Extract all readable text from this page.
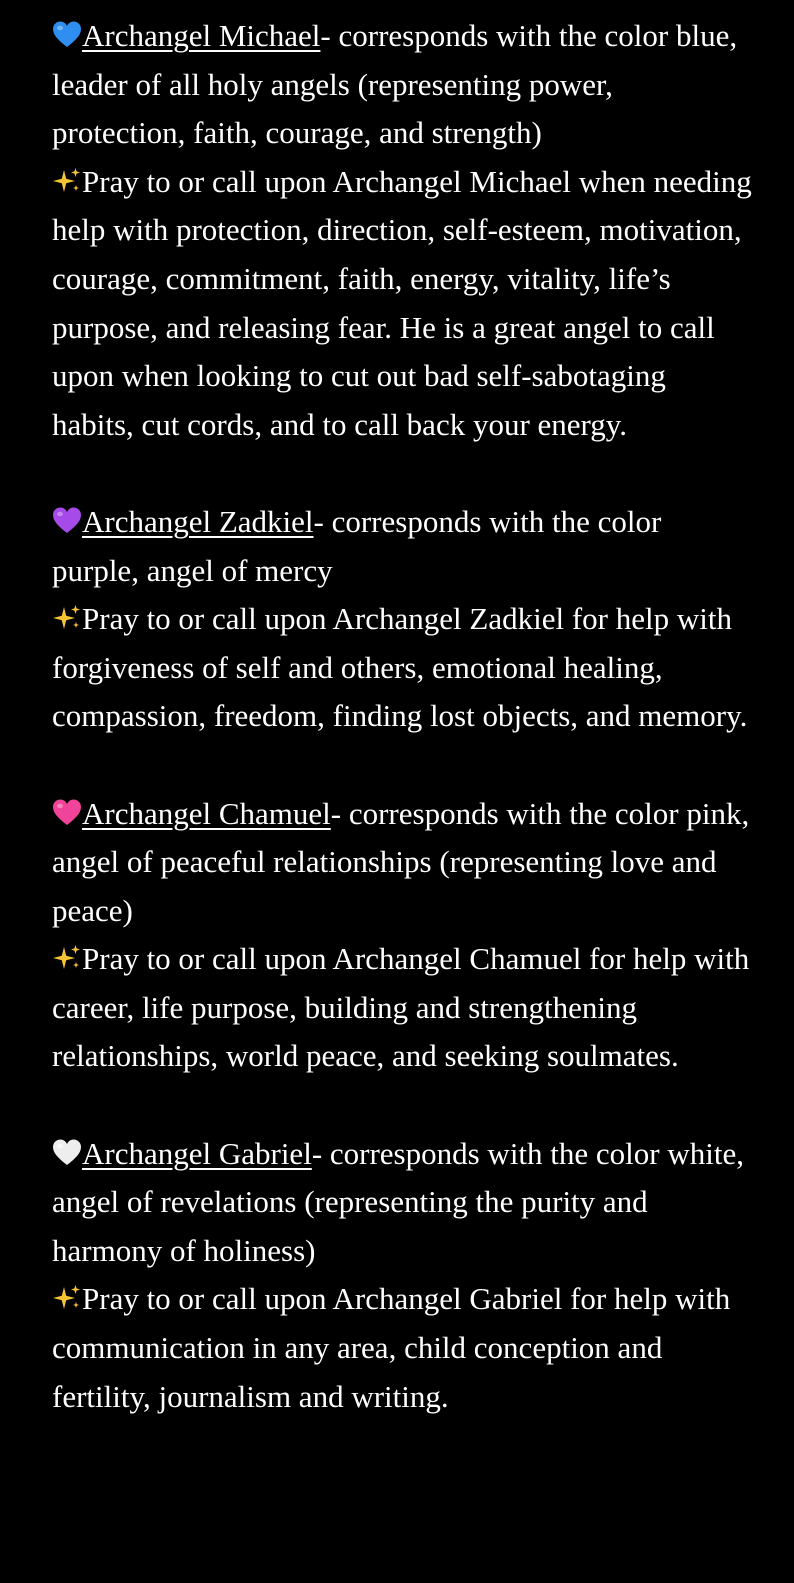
Archangel Michael- corresponds with the color blue, leader of all holy angels (representing power, protection, faith, courage, and strength)

Pray to or call upon Archangel Michael when needing help with protection, direction, self-esteem, motivation, courage, commitment, faith, energy, vitality, life’s purpose, and releasing fear. He is a great angel to call upon when looking to cut out bad self-sabotaging habits, cut cords, and to call back your energy.

Archangel Zadkiel- corresponds with the color purple, angel of mercy

Pray to or call upon Archangel Zadkiel for help with forgiveness of self and others, emotional healing, compassion, freedom, finding lost objects, and memory.

Archangel Chamuel- corresponds with the color pink, angel of peaceful relationships (representing love and peace)

Pray to or call upon Archangel Chamuel for help with career, life purpose, building and strengthening relationships, world peace, and seeking soulmates.

Archangel Gabriel- corresponds with the color white, angel of revelations (representing the purity and harmony of holiness)

Pray to or call upon Archangel Gabriel for help with communication in any area, child conception and fertility, journalism and writing.
